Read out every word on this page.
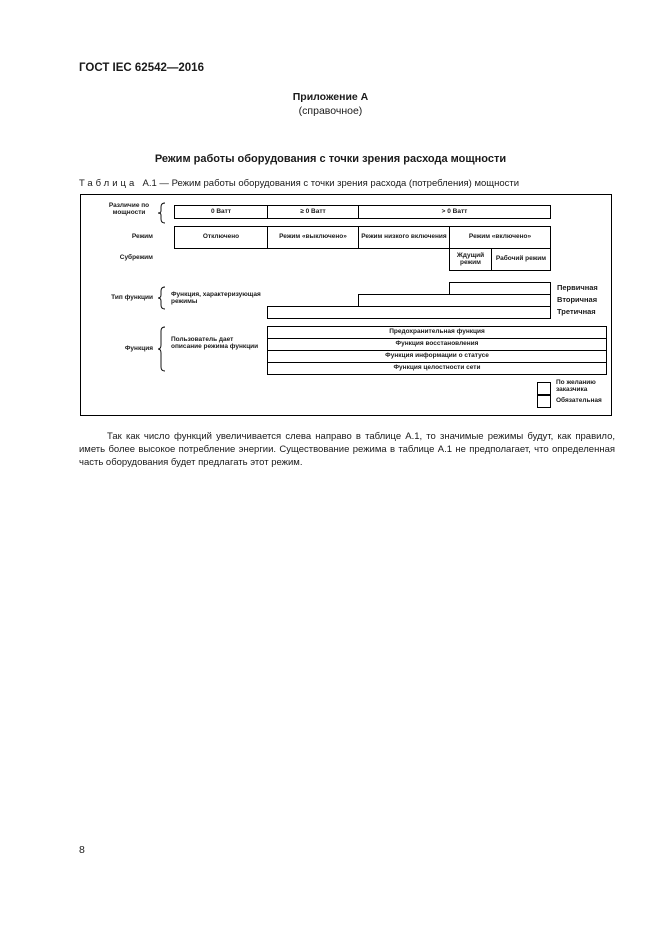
ГОСТ IEC 62542—2016
Приложение А
(справочное)
Режим работы оборудования с точки зрения расхода мощности
Таблица А.1 — Режим работы оборудования с точки зрения расхода (потребления) мощности
Различие по мощности
Режим
Субрежим
Тип функции
Функция
0 Ватт	≥ 0 Ватт	> 0 Ватт
Отключено	Режим «выключено»	Режим низкого включения	Режим «включено»
Ждущий режим	Рабочий режим
Функция, характеризующая режимы
Первичная
Вторичная
Третичная
Пользователь дает описание режима функции
Предохранительная функция
Функция восстановления
Функция информации о статусе
Функция целостности сети
По желанию заказчика
Обязательная

Так как число функций увеличивается слева направо в таблице А.1, то значимые режимы будут, как правило, иметь более высокое потребление энергии. Существование режима в таблице А.1 не предполагает, что определенная часть оборудования будет предлагать этот режим.

8
